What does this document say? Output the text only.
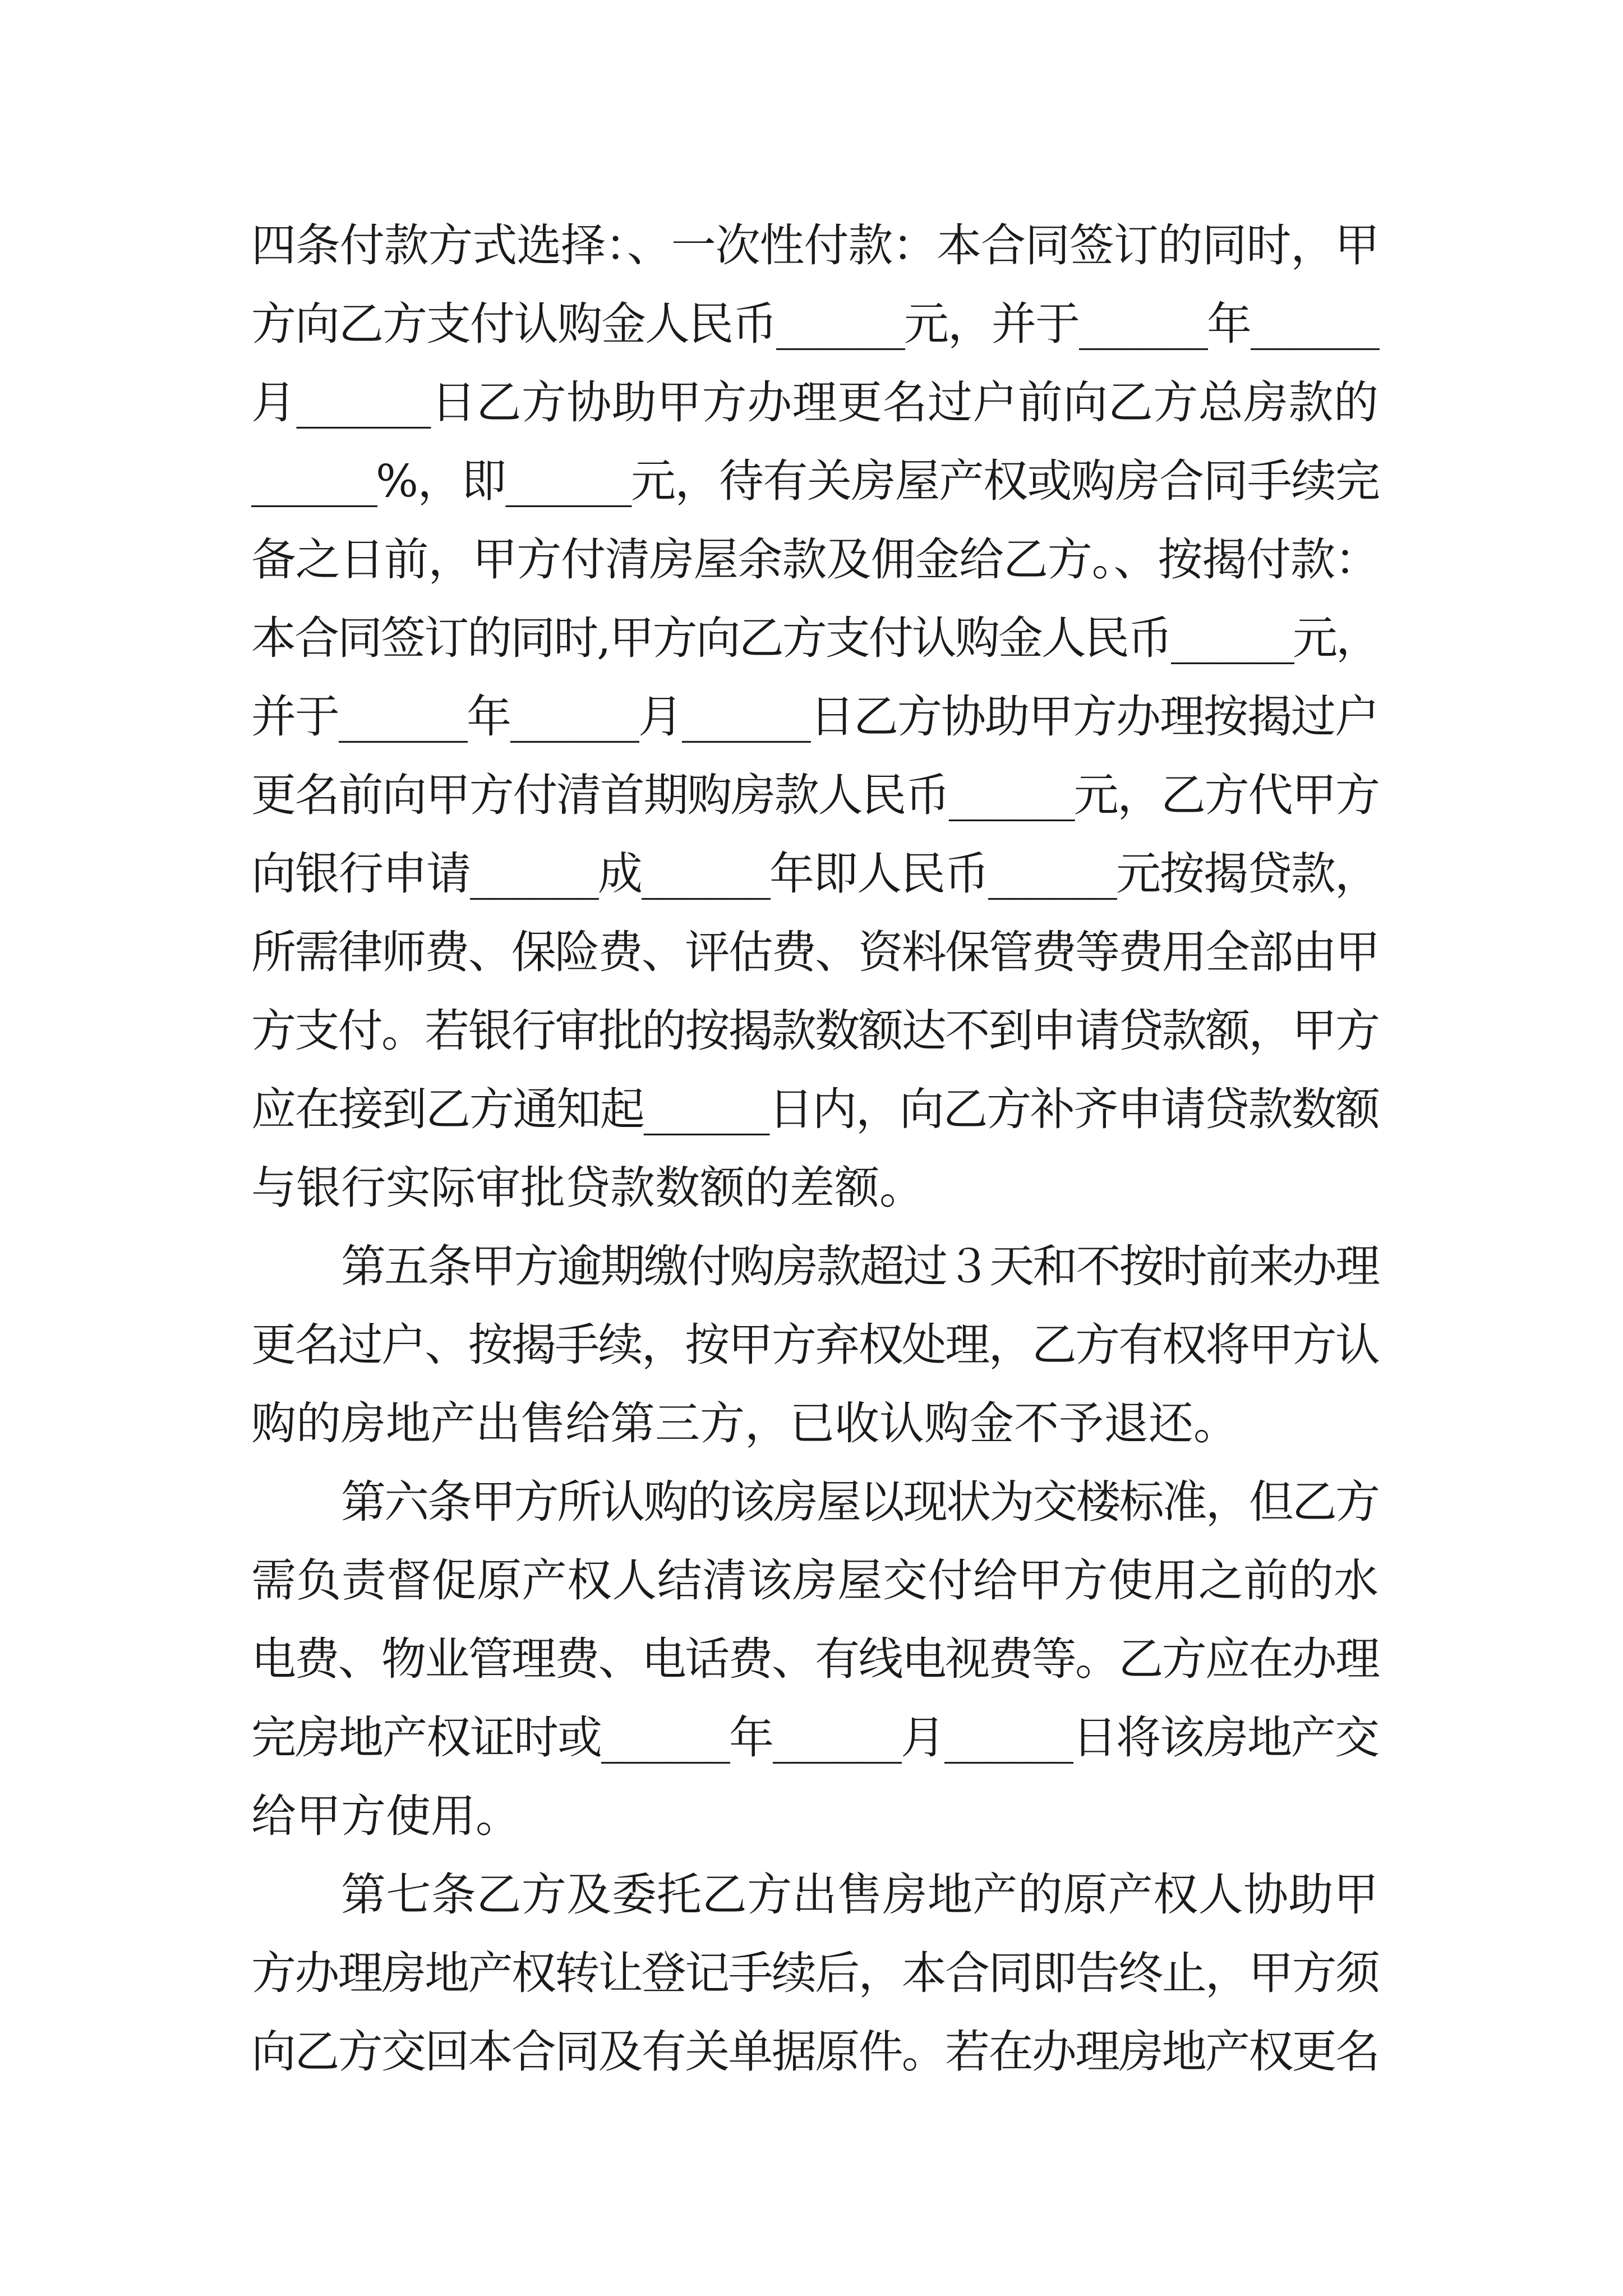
四条付款方式选择：、一次性付款：本合同签订的同时，甲
方向乙方支付认购金人民币______元，并于______年______
月______日乙方协助甲方办理更名过户前向乙方总房款的
______%，即______元，待有关房屋产权或购房合同手续完
备之日前，甲方付清房屋余款及佣金给乙方。、按揭付款：
本合同签订的同时,甲方向乙方支付认购金人民币______元，
并于______年______月______日乙方协助甲方办理按揭过户
更名前向甲方付清首期购房款人民币______元，乙方代甲方
向银行申请______成______年即人民币______元按揭贷款，
所需律师费、保险费、评估费、资料保管费等费用全部由甲
方支付。若银行审批的按揭款数额达不到申请贷款额，甲方
应在接到乙方通知起______日内，向乙方补齐申请贷款数额
与银行实际审批贷款数额的差额。
第五条甲方逾期缴付购房款超过３天和不按时前来办理
更名过户、按揭手续，按甲方弃权处理，乙方有权将甲方认
购的房地产出售给第三方，已收认购金不予退还。
第六条甲方所认购的该房屋以现状为交楼标准，但乙方
需负责督促原产权人结清该房屋交付给甲方使用之前的水
电费、物业管理费、电话费、有线电视费等。乙方应在办理
完房地产权证时或______年______月______日将该房地产交
给甲方使用。
第七条乙方及委托乙方出售房地产的原产权人协助甲
方办理房地产权转让登记手续后，本合同即告终止，甲方须
向乙方交回本合同及有关单据原件。若在办理房地产权更名
